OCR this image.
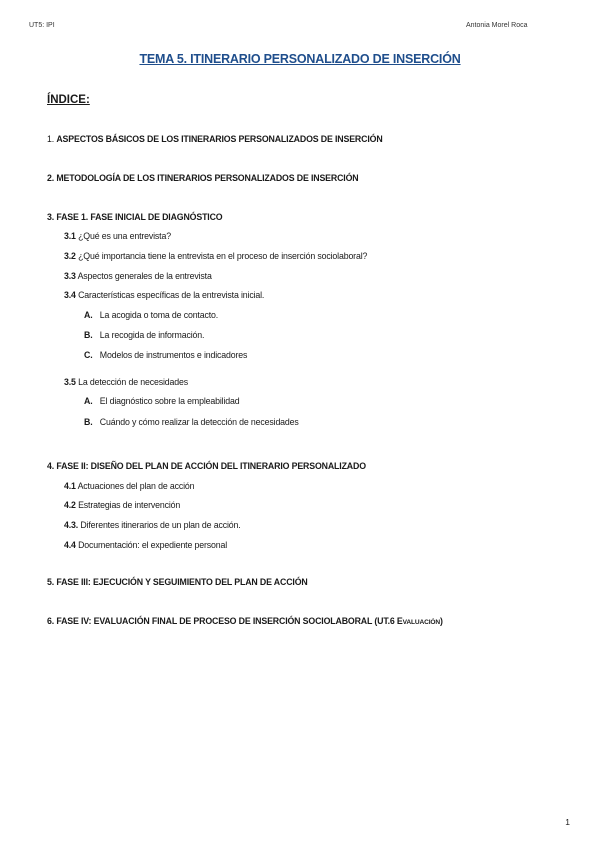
UT5: IPI	Antonia Morel Roca
TEMA 5. ITINERARIO PERSONALIZADO DE INSERCIÓN
ÍNDICE:
1. ASPECTOS BÁSICOS DE LOS ITINERARIOS PERSONALIZADOS DE INSERCIÓN
2. METODOLOGÍA DE LOS ITINERARIOS PERSONALIZADOS DE INSERCIÓN
3. FASE 1. FASE INICIAL DE DIAGNÓSTICO
3.1 ¿Qué es una entrevista?
3.2 ¿Qué importancia tiene la entrevista en el proceso de inserción sociolaboral?
3.3 Aspectos generales de la entrevista
3.4 Características específicas de la entrevista inicial.
A. La acogida o toma de contacto.
B. La recogida de información.
C. Modelos de instrumentos e indicadores
3.5 La detección de necesidades
A. El diagnóstico sobre la empleabilidad
B. Cuándo y cómo realizar la detección de necesidades
4. FASE II: DISEÑO DEL PLAN DE ACCIÓN DEL ITINERARIO PERSONALIZADO
4.1 Actuaciones del plan de acción
4.2 Estrategias de intervención
4.3. Diferentes itinerarios de un plan de acción.
4.4 Documentación: el expediente personal
5. FASE III: EJECUCIÓN Y SEGUIMIENTO DEL PLAN DE ACCIÓN
6. FASE IV: EVALUACIÓN FINAL DE PROCESO DE INSERCIÓN SOCIOLABORAL (UT.6 EVALUACIÓN)
1
